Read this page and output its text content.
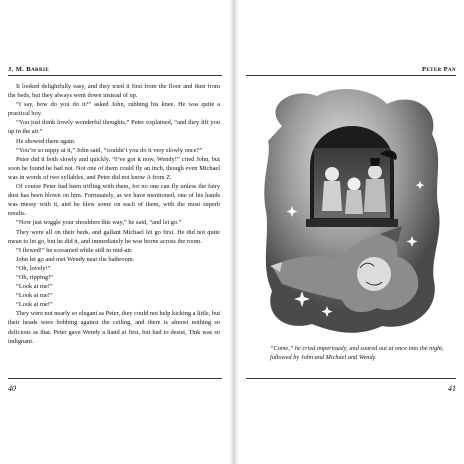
J. M. Barrie

It looked delightfully easy, and they tried it first from the floor and then from the beds, but they always went down instead of up.

“I say, how do you do it?” asked John, rubbing his knee. He was quite a practical boy.

“You just think lovely wonderful thoughts,” Peter explained, “and they lift you up in the air.”

He showed them again.

“You’re so nippy at it,” John said, “couldn’t you do it very slowly once?”

Peter did it both slowly and quickly. “I’ve got it now, Wendy!” cried John, but soon he found he had not. Not one of them could fly an inch, though even Michael was in words of two syllables, and Peter did not know A from Z.

Of course Peter had been trifling with them, for no one can fly unless the fairy dust has been blown on him. Fortunately, as we have mentioned, one of his hands was messy with it, and he blew some on each of them, with the most superb results.

“Now just wiggle your shoulders this way,” he said, “and let go.”

They were all on their beds, and gallant Michael let go first. He did not quite mean to let go, but he did it, and immediately he was borne across the room.

“I flewed!” he screamed while still in mid-air.

John let go and met Wendy near the bathroom.

“Oh, lovely!”

“Oh, ripping!”

“Look at me!”

“Look at me!”

“Look at me!”

They were not nearly so elegant as Peter, they could not help kicking a little, but their heads were bobbing against the ceiling, and there is almost nothing so delicious as that. Peter gave Wendy a hand at first, but had to desist, Tink was so indignant.

40
Peter Pan
“Come,” he cried imperiously, and soared out at once into the night, followed by John and Michael and Wendy.
41
